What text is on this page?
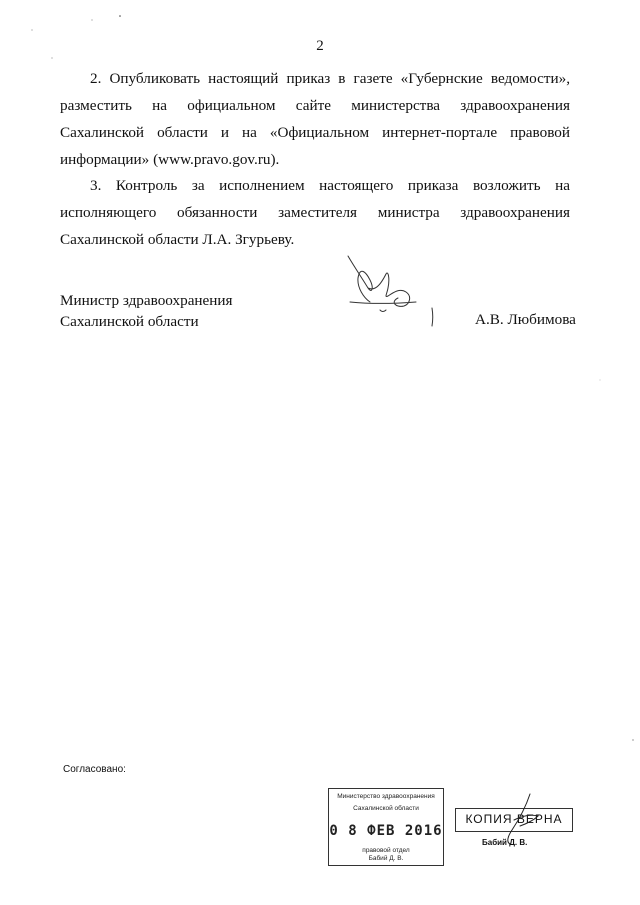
2
2. Опубликовать настоящий приказ в газете «Губернские ведомости»,
разместить на официальном сайте министерства здравоохранения
Сахалинской области и на «Официальном интернет-портале правовой
информации» (www.pravo.gov.ru).
3. Контроль за исполнением настоящего приказа возложить на
исполняющего обязанности заместителя министра здравоохранения
Сахалинской области Л.А. Згурьеву.
Министр здравоохранения
Сахалинской области	А.В. Любимова
Согласовано:
Министерство здравоохранения
Сахалинской области
0 8 ФЕВ 2016
правовой отдел
Бабий Д. В.
КОПИЯ ВЕРНА
Бабий Д. В.
